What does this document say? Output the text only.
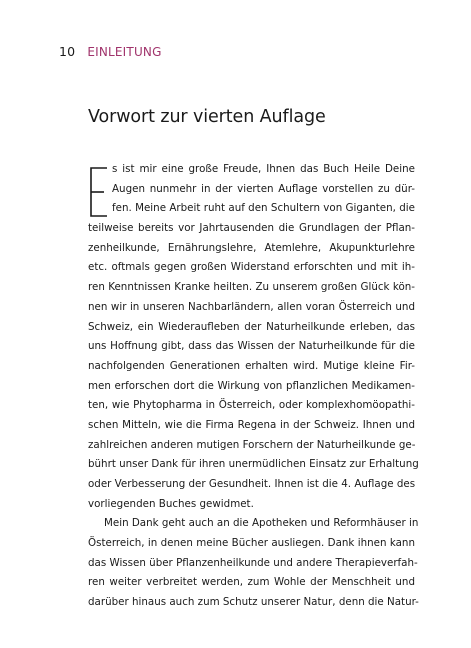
10 EINLEITUNG
Vorwort zur vierten Auflage
s ist mir eine große Freude, Ihnen das Buch Heile Deine
Augen nunmehr in der vierten Auflage vorstellen zu dür-
fen. Meine Arbeit ruht auf den Schultern von Giganten, die
teilweise bereits vor Jahrtausenden die Grundlagen der Pflan-
zenheilkunde, Ernährungslehre, Atemlehre, Akupunkturlehre
etc. oftmals gegen großen Widerstand erforschten und mit ih-
ren Kenntnissen Kranke heilten. Zu unserem großen Glück kön-
nen wir in unseren Nachbarländern, allen voran Österreich und
Schweiz, ein Wiederaufleben der Naturheilkunde erleben, das
uns Hoffnung gibt, dass das Wissen der Naturheilkunde für die
nachfolgenden Generationen erhalten wird. Mutige kleine Fir-
men erforschen dort die Wirkung von pflanzlichen Medikamen-
ten, wie Phytopharma in Österreich, oder komplexhomöopathi-
schen Mitteln, wie die Firma Regena in der Schweiz. Ihnen und
zahlreichen anderen mutigen Forschern der Naturheilkunde ge-
bührt unser Dank für ihren unermüdlichen Einsatz zur Erhaltung
oder Verbesserung der Gesundheit. Ihnen ist die 4. Auflage des
vorliegenden Buches gewidmet.
Mein Dank geht auch an die Apotheken und Reformhäuser in
Österreich, in denen meine Bücher ausliegen. Dank ihnen kann
das Wissen über Pflanzenheilkunde und andere Therapieverfah-
ren weiter verbreitet werden, zum Wohle der Menschheit und
darüber hinaus auch zum Schutz unserer Natur, denn die Natur-
